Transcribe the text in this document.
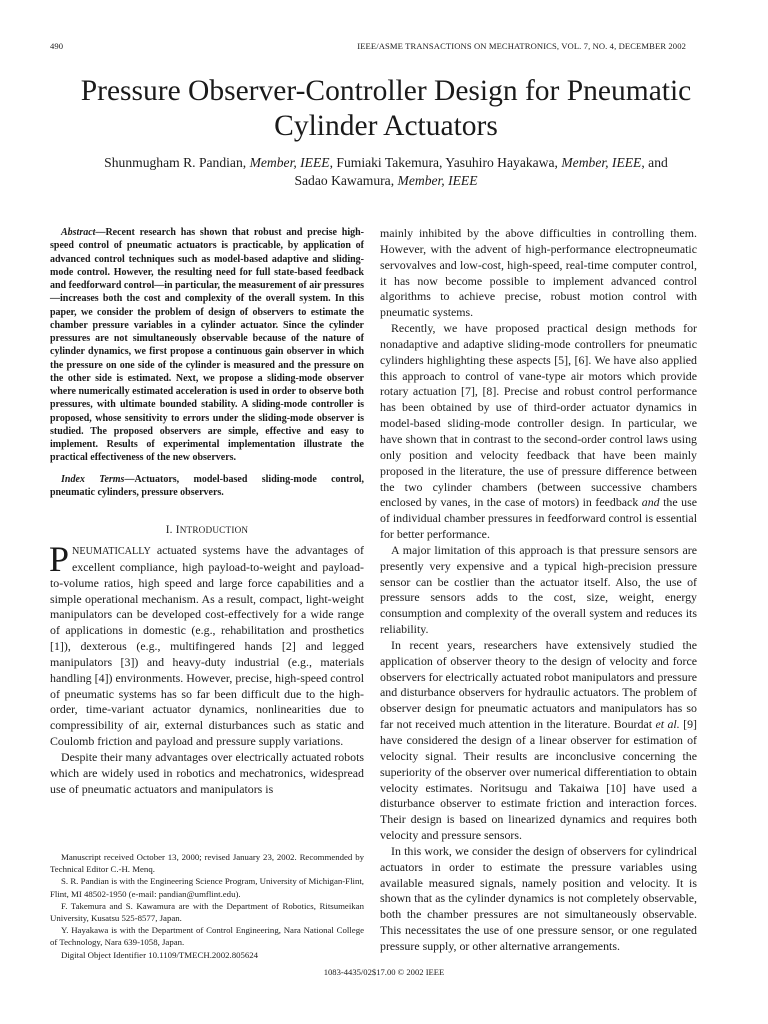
490	IEEE/ASME TRANSACTIONS ON MECHATRONICS, VOL. 7, NO. 4, DECEMBER 2002
Pressure Observer-Controller Design for Pneumatic
Cylinder Actuators
Shunmugham R. Pandian, Member, IEEE, Fumiaki Takemura, Yasuhiro Hayakawa, Member, IEEE, and
Sadao Kawamura, Member, IEEE

Abstract—Recent research has shown that robust and precise high-speed control of pneumatic actuators is practicable, by application of advanced control techniques such as model-based adaptive and sliding-mode control. However, the resulting need for full state-based feedback and feedforward control—in particular, the measurement of air pressures—increases both the cost and complexity of the overall system. In this paper, we consider the problem of design of observers to estimate the chamber pressure variables in a cylinder actuator. Since the cylinder pressures are not simultaneously observable because of the nature of cylinder dynamics, we first propose a continuous gain observer in which the pressure on one side of the cylinder is measured and the pressure on the other side is estimated. Next, we propose a sliding-mode observer where numerically estimated acceleration is used in order to observe both pressures, with ultimate bounded stability. A sliding-mode controller is proposed, whose sensitivity to errors under the sliding-mode observer is studied. The proposed observers are simple, effective and easy to implement. Results of experimental implementation illustrate the practical effectiveness of the new observers.

Index Terms—Actuators, model-based sliding-mode control, pneumatic cylinders, pressure observers.

I. INTRODUCTION

PNEUMATICALLY actuated systems have the advantages of excellent compliance, high payload-to-weight and payload-to-volume ratios, high speed and large force capabilities and a simple operational mechanism. As a result, compact, light-weight manipulators can be developed cost-effectively for a wide range of applications in domestic (e.g., rehabilitation and prosthetics [1]), dexterous (e.g., multifingered hands [2] and legged manipulators [3]) and heavy-duty industrial (e.g., materials handling [4]) environments. However, precise, high-speed control of pneumatic systems has so far been difficult due to the high-order, time-variant actuator dynamics, nonlinearities due to compressibility of air, external disturbances such as static and Coulomb friction and payload and pressure supply variations.

Despite their many advantages over electrically actuated robots which are widely used in robotics and mechatronics, widespread use of pneumatic actuators and manipulators is

Manuscript received October 13, 2000; revised January 23, 2002. Recommended by Technical Editor C.-H. Menq.

S. R. Pandian is with the Engineering Science Program, University of Michigan-Flint, Flint, MI 48502-1950 (e-mail: pandian@umflint.edu).

F. Takemura and S. Kawamura are with the Department of Robotics, Ritsumeikan University, Kusatsu 525-8577, Japan.

Y. Hayakawa is with the Department of Control Engineering, Nara National College of Technology, Nara 639-1058, Japan.

Digital Object Identifier 10.1109/TMECH.2002.805624

mainly inhibited by the above difficulties in controlling them. However, with the advent of high-performance electropneumatic servovalves and low-cost, high-speed, real-time computer control, it has now become possible to implement advanced control algorithms to achieve precise, robust motion control with pneumatic systems.

Recently, we have proposed practical design methods for nonadaptive and adaptive sliding-mode controllers for pneumatic cylinders highlighting these aspects [5], [6]. We have also applied this approach to control of vane-type air motors which provide rotary actuation [7], [8]. Precise and robust control performance has been obtained by use of third-order actuator dynamics in model-based sliding-mode controller design. In particular, we have shown that in contrast to the second-order control laws using only position and velocity feedback that have been mainly proposed in the literature, the use of pressure difference between the two cylinder chambers (between successive chambers enclosed by vanes, in the case of motors) in feedback and the use of individual chamber pressures in feedforward control is essential for better performance.

A major limitation of this approach is that pressure sensors are presently very expensive and a typical high-precision pressure sensor can be costlier than the actuator itself. Also, the use of pressure sensors adds to the cost, size, weight, energy consumption and complexity of the overall system and reduces its reliability.

In recent years, researchers have extensively studied the application of observer theory to the design of velocity and force observers for electrically actuated robot manipulators and pressure and disturbance observers for hydraulic actuators. The problem of observer design for pneumatic actuators and manipulators has so far not received much attention in the literature. Bourdat et al. [9] have considered the design of a linear observer for estimation of velocity signal. Their results are inconclusive concerning the superiority of the observer over numerical differentiation to obtain velocity estimates. Noritsugu and Takaiwa [10] have used a disturbance observer to estimate friction and interaction forces. Their design is based on linearized dynamics and requires both velocity and pressure sensors.

In this work, we consider the design of observers for cylindrical actuators in order to estimate the pressure variables using available measured signals, namely position and velocity. It is shown that as the cylinder dynamics is not completely observable, both the chamber pressures are not simultaneously observable. This necessitates the use of one pressure sensor, or one regulated pressure supply, or other alternative arrangements.

1083-4435/02$17.00 © 2002 IEEE
